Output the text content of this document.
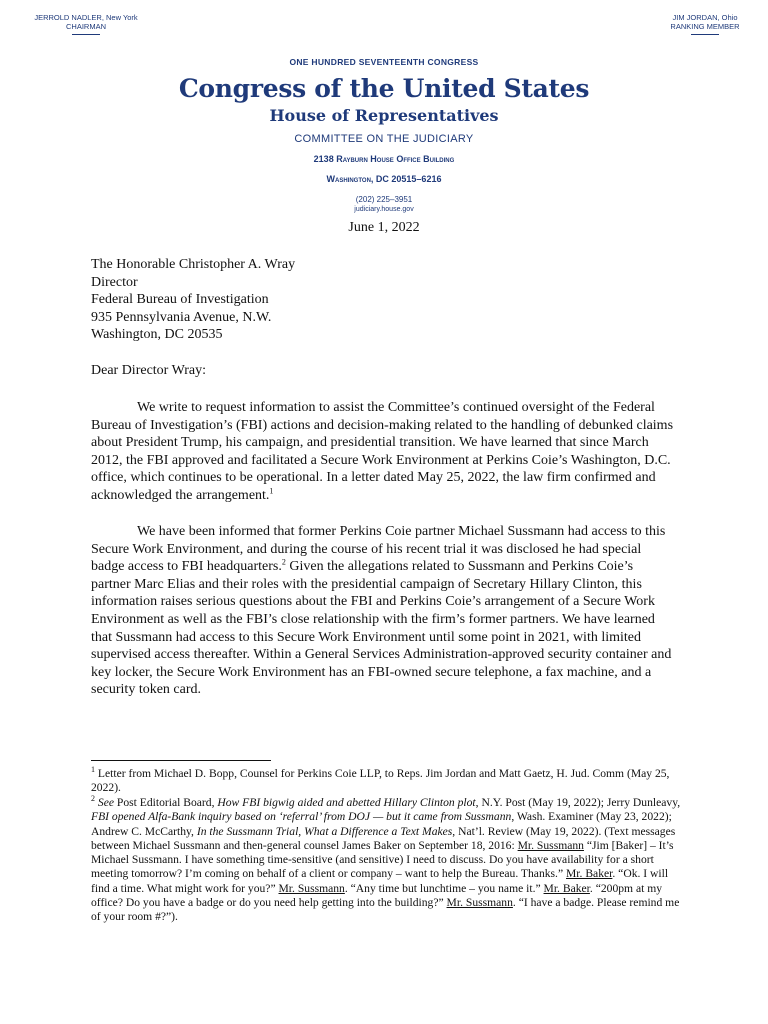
JERROLD NADLER, New York
CHAIRMAN
JIM JORDAN, Ohio
RANKING MEMBER
ONE HUNDRED SEVENTEENTH CONGRESS
Congress of the United States
House of Representatives
COMMITTEE ON THE JUDICIARY
2138 Rayburn House Office Building
Washington, DC 20515–6216
(202) 225–3951
judiciary.house.gov
June 1, 2022
The Honorable Christopher A. Wray
Director
Federal Bureau of Investigation
935 Pennsylvania Avenue, N.W.
Washington, DC 20535
Dear Director Wray:
We write to request information to assist the Committee’s continued oversight of the Federal Bureau of Investigation’s (FBI) actions and decision-making related to the handling of debunked claims about President Trump, his campaign, and presidential transition. We have learned that since March 2012, the FBI approved and facilitated a Secure Work Environment at Perkins Coie’s Washington, D.C. office, which continues to be operational. In a letter dated May 25, 2022, the law firm confirmed and acknowledged the arrangement.$^1$
We have been informed that former Perkins Coie partner Michael Sussmann had access to this Secure Work Environment, and during the course of his recent trial it was disclosed he had special badge access to FBI headquarters.$^2$ Given the allegations related to Sussmann and Perkins Coie’s partner Marc Elias and their roles with the presidential campaign of Secretary Hillary Clinton, this information raises serious questions about the FBI and Perkins Coie’s arrangement of a Secure Work Environment as well as the FBI’s close relationship with the firm’s former partners. We have learned that Sussmann had access to this Secure Work Environment until some point in 2021, with limited supervised access thereafter. Within a General Services Administration-approved security container and key locker, the Secure Work Environment has an FBI-owned secure telephone, a fax machine, and a security token card.
$^1$ Letter from Michael D. Bopp, Counsel for Perkins Coie LLP, to Reps. Jim Jordan and Matt Gaetz, H. Jud. Comm (May 25, 2022).
$^2$ See Post Editorial Board, How FBI bigwig aided and abetted Hillary Clinton plot, N.Y. Post (May 19, 2022); Jerry Dunleavy, FBI opened Alfa-Bank inquiry based on ‘referral’ from DOJ — but it came from Sussmann, Wash. Examiner (May 23, 2022); Andrew C. McCarthy, In the Sussmann Trial, What a Difference a Text Makes, Nat’l. Review (May 19, 2022). (Text messages between Michael Sussmann and then-general counsel James Baker on September 18, 2016: Mr. Sussmann “Jim [Baker] – It’s Michael Sussmann. I have something time-sensitive (and sensitive) I need to discuss. Do you have availability for a short meeting tomorrow? I’m coming on behalf of a client or company – want to help the Bureau. Thanks.” Mr. Baker. “Ok. I will find a time. What might work for you?” Mr. Sussmann. “Any time but lunchtime – you name it.” Mr. Baker. “200pm at my office? Do you have a badge or do you need help getting into the building?” Mr. Sussmann. “I have a badge. Please remind me of your room #?”).
